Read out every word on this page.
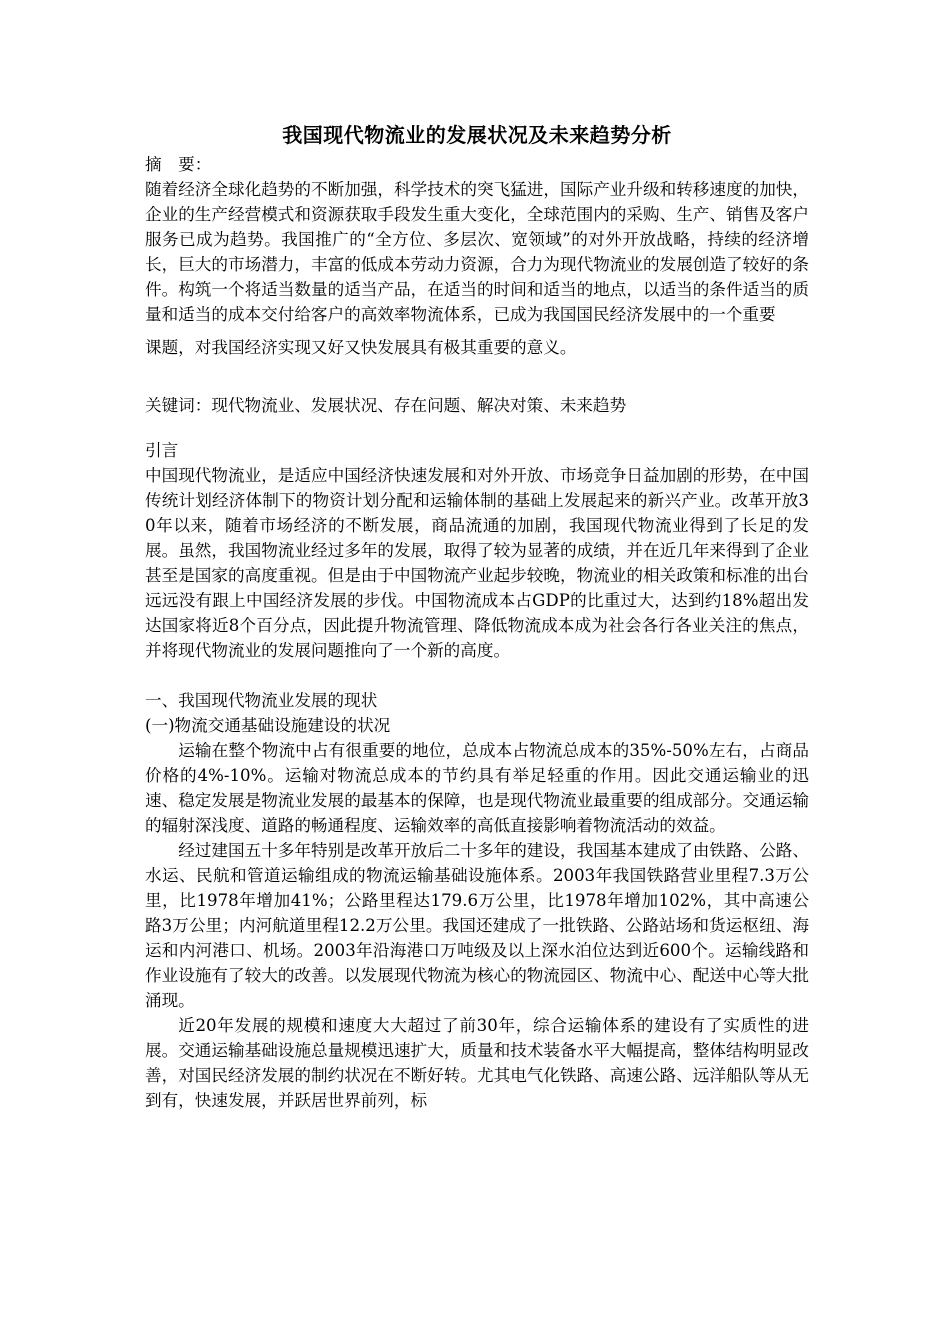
我国现代物流业的发展状况及未来趋势分析

摘　要：

随着经济全球化趋势的不断加强，科学技术的突飞猛进，国际产业升级和转移速度的加快，企业的生产经营模式和资源获取手段发生重大变化，全球范围内的采购、生产、销售及客户服务已成为趋势。我国推广的“全方位、多层次、宽领域”的对外开放战略，持续的经济增长，巨大的市场潜力，丰富的低成本劳动力资源，合力为现代物流业的发展创造了较好的条件。构筑一个将适当数量的适当产品，在适当的时间和适当的地点，以适当的条件适当的质量和适当的成本交付给客户的高效率物流体系，已成为我国国民经济发展中的一个重要

课题，对我国经济实现又好又快发展具有极其重要的意义。

关键词：现代物流业、发展状况、存在问题、解决对策、未来趋势

引言

中国现代物流业，是适应中国经济快速发展和对外开放、市场竞争日益加剧的形势，在中国传统计划经济体制下的物资计划分配和运输体制的基础上发展起来的新兴产业。改革开放30年以来，随着市场经济的不断发展，商品流通的加剧，我国现代物流业得到了长足的发展。虽然，我国物流业经过多年的发展，取得了较为显著的成绩，并在近几年来得到了企业甚至是国家的高度重视。但是由于中国物流产业起步较晚，物流业的相关政策和标准的出台远远没有跟上中国经济发展的步伐。中国物流成本占GDP的比重过大，达到约18%超出发达国家将近8个百分点，因此提升物流管理、降低物流成本成为社会各行各业关注的焦点，并将现代物流业的发展问题推向了一个新的高度。

一、我国现代物流业发展的现状

(一)物流交通基础设施建设的状况

运输在整个物流中占有很重要的地位，总成本占物流总成本的35%-50%左右，占商品价格的4%-10%。运输对物流总成本的节约具有举足轻重的作用。因此交通运输业的迅速、稳定发展是物流业发展的最基本的保障，也是现代物流业最重要的组成部分。交通运输的辐射深浅度、道路的畅通程度、运输效率的高低直接影响着物流活动的效益。

经过建国五十多年特别是改革开放后二十多年的建设，我国基本建成了由铁路、公路、水运、民航和管道运输组成的物流运输基础设施体系。2003年我国铁路营业里程7.3万公里，比1978年增加41%；公路里程达179.6万公里，比1978年增加102%，其中高速公路3万公里；内河航道里程12.2万公里。我国还建成了一批铁路、公路站场和货运枢纽、海运和内河港口、机场。2003年沿海港口万吨级及以上深水泊位达到近600个。运输线路和作业设施有了较大的改善。以发展现代物流为核心的物流园区、物流中心、配送中心等大批涌现。

近20年发展的规模和速度大大超过了前30年，综合运输体系的建设有了实质性的进展。交通运输基础设施总量规模迅速扩大，质量和技术装备水平大幅提高，整体结构明显改善，对国民经济发展的制约状况在不断好转。尤其电气化铁路、高速公路、远洋船队等从无到有，快速发展，并跃居世界前列，标
